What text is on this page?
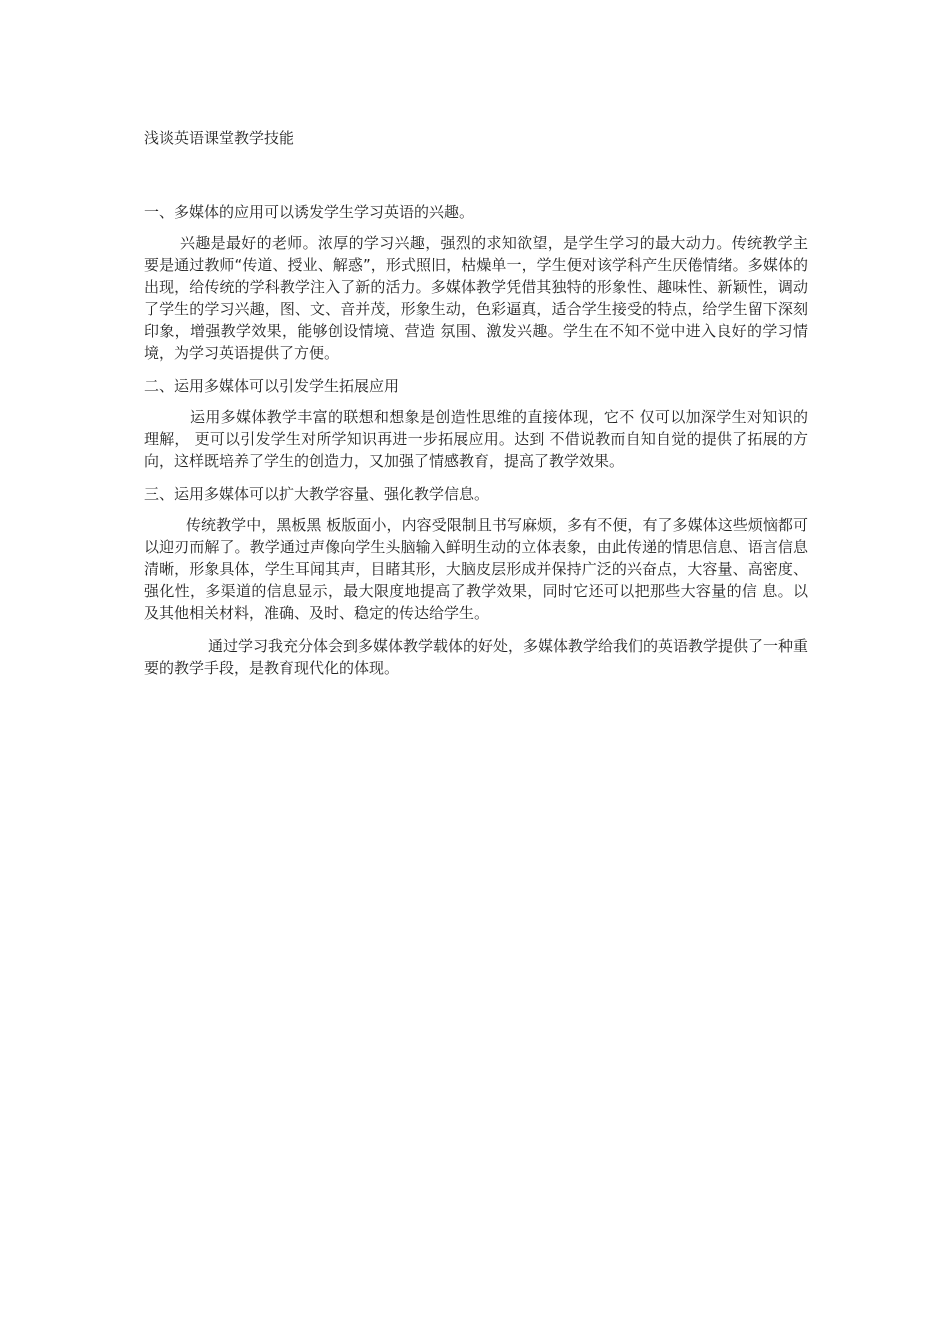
浅谈英语课堂教学技能
一、多媒体的应用可以诱发学生学习英语的兴趣。

兴趣是最好的老师。浓厚的学习兴趣，强烈的求知欲望，是学生学习的最大动力。传统教学主要是通过教师“传道、授业、解惑”，形式照旧，枯燥单一，学生便对该学科产生厌倦情绪。多媒体的出现，给传统的学科教学注入了新的活力。多媒体教学凭借其独特的形象性、趣味性、新颖性，调动了学生的学习兴趣，图、文、音并茂，形象生动，色彩逼真，适合学生接受的特点，给学生留下深刻印象，增强教学效果，能够创设情境、营造 氛围、激发兴趣。学生在不知不觉中进入良好的学习情境，为学习英语提供了方便。

二、运用多媒体可以引发学生拓展应用

运用多媒体教学丰富的联想和想象是创造性思维的直接体现，它不 仅可以加深学生对知识的理解， 更可以引发学生对所学知识再进一步拓展应用。达到 不借说教而自知自觉的提供了拓展的方向，这样既培养了学生的创造力，又加强了情感教育，提高了教学效果。

三、运用多媒体可以扩大教学容量、强化教学信息。

传统教学中，黑板黑 板版面小，内容受限制且书写麻烦，多有不便，有了多媒体这些烦恼都可以迎刃而解了。教学通过声像向学生头脑输入鲜明生动的立体表象，由此传递的情思信息、语言信息清晰，形象具体，学生耳闻其声，目睹其形，大脑皮层形成并保持广泛的兴奋点，大容量、高密度、强化性，多渠道的信息显示，最大限度地提高了教学效果，同时它还可以把那些大容量的信 息。以及其他相关材料，准确、及时、稳定的传达给学生。

通过学习我充分体会到多媒体教学载体的好处，多媒体教学给我们的英语教学提供了一种重要的教学手段，是教育现代化的体现。
